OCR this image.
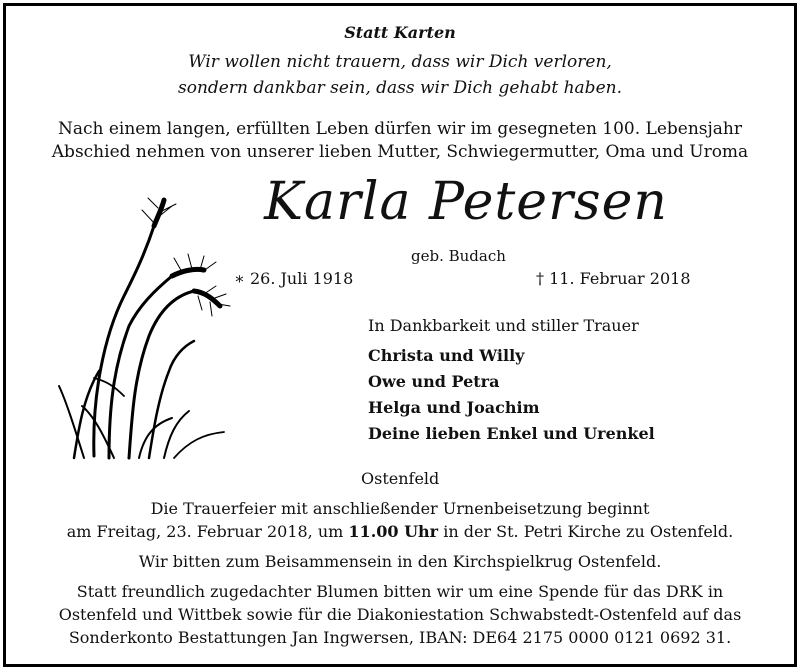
Statt Karten
Wir wollen nicht trauern, dass wir Dich verloren,
sondern dankbar sein, dass wir Dich gehabt haben.
Nach einem langen, erfüllten Leben dürfen wir im gesegneten 100. Lebensjahr
Abschied nehmen von unserer lieben Mutter, Schwiegermutter, Oma und Uroma
Karla Petersen
geb. Budach
∗ 26. Juli 1918	† 11. Februar 2018
In Dankbarkeit und stiller Trauer
Christa und Willy
Owe und Petra
Helga und Joachim
Deine lieben Enkel und Urenkel
Ostenfeld
Die Trauerfeier mit anschließender Urnenbeisetzung beginnt
am Freitag, 23. Februar 2018, um 11.00 Uhr in der St. Petri Kirche zu Ostenfeld.
Wir bitten zum Beisammensein in den Kirchspielkrug Ostenfeld.
Statt freundlich zugedachter Blumen bitten wir um eine Spende für das DRK in
Ostenfeld und Wittbek sowie für die Diakoniestation Schwabstedt-Ostenfeld auf das
Sonderkonto Bestattungen Jan Ingwersen, IBAN: DE64 2175 0000 0121 0692 31.
